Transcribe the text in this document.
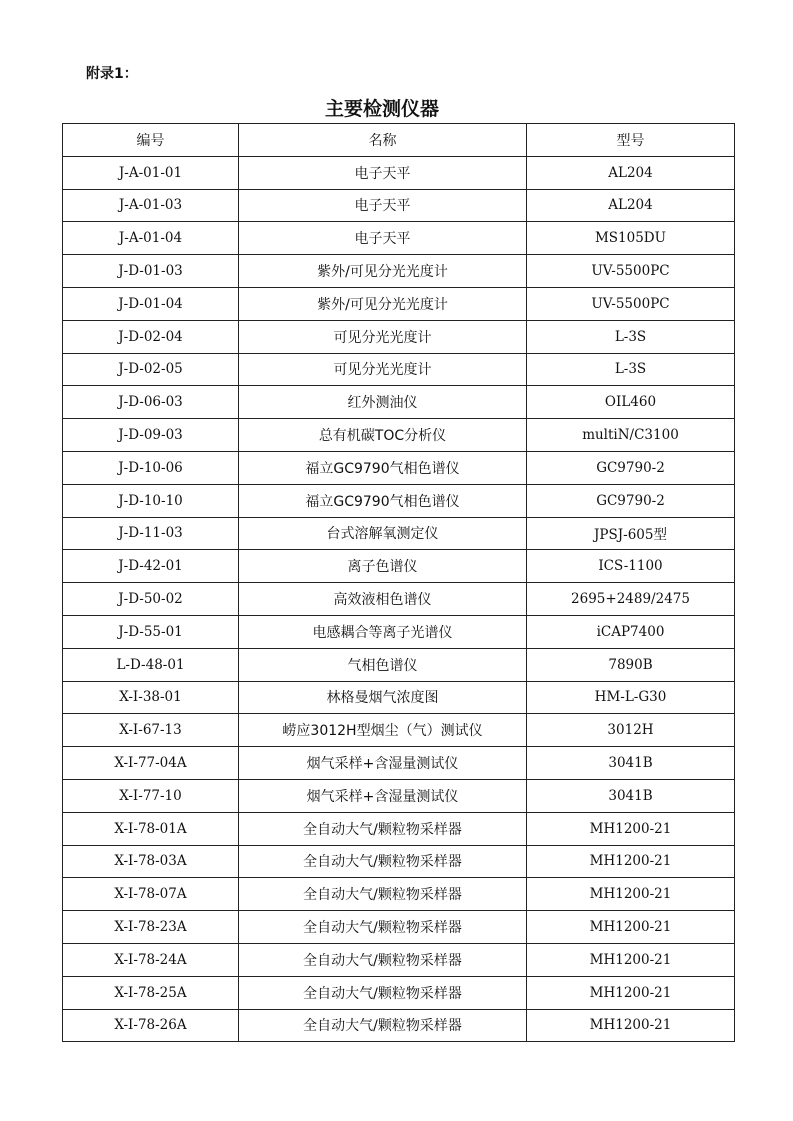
附录1：
主要检测仪器
编号	名称	型号
J-A-01-01	电子天平	AL204
J-A-01-03	电子天平	AL204
J-A-01-04	电子天平	MS105DU
J-D-01-03	紫外/可见分光光度计	UV-5500PC
J-D-01-04	紫外/可见分光光度计	UV-5500PC
J-D-02-04	可见分光光度计	L-3S
J-D-02-05	可见分光光度计	L-3S
J-D-06-03	红外测油仪	OIL460
J-D-09-03	总有机碳TOC分析仪	multiN/C3100
J-D-10-06	福立GC9790气相色谱仪	GC9790-2
J-D-10-10	福立GC9790气相色谱仪	GC9790-2
J-D-11-03	台式溶解氧测定仪	JPSJ-605型
J-D-42-01	离子色谱仪	ICS-1100
J-D-50-02	高效液相色谱仪	2695+2489/2475
J-D-55-01	电感耦合等离子光谱仪	iCAP7400
L-D-48-01	气相色谱仪	7890B
X-I-38-01	林格曼烟气浓度图	HM-L-G30
X-I-67-13	崂应3012H型烟尘（气）测试仪	3012H
X-I-77-04A	烟气采样+含湿量测试仪	3041B
X-I-77-10	烟气采样+含湿量测试仪	3041B
X-I-78-01A	全自动大气/颗粒物采样器	MH1200-21
X-I-78-03A	全自动大气/颗粒物采样器	MH1200-21
X-I-78-07A	全自动大气/颗粒物采样器	MH1200-21
X-I-78-23A	全自动大气/颗粒物采样器	MH1200-21
X-I-78-24A	全自动大气/颗粒物采样器	MH1200-21
X-I-78-25A	全自动大气/颗粒物采样器	MH1200-21
X-I-78-26A	全自动大气/颗粒物采样器	MH1200-21
